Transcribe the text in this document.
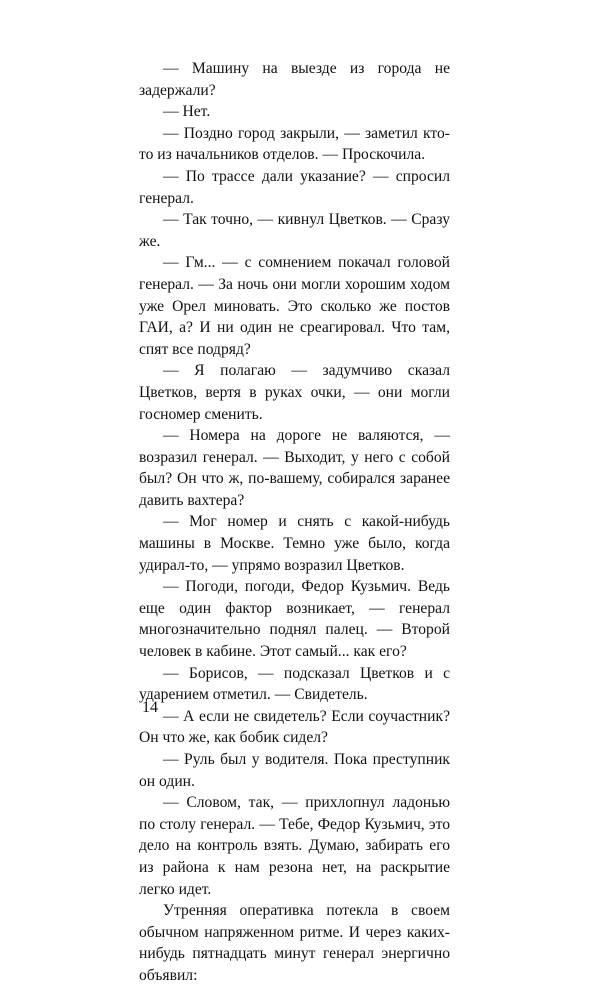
— Машину на выезде из города не задержали?

— Нет.

— Поздно город закрыли, — заметил кто-то из начальников отделов. — Проскочила.

— По трассе дали указание? — спросил генерал.

— Так точно, — кивнул Цветков. — Сразу же.

— Гм... — с сомнением покачал головой генерал. — За ночь они могли хорошим ходом уже Орел миновать. Это сколько же постов ГАИ, а? И ни один не среагировал. Что там, спят все подряд?

— Я полагаю — задумчиво сказал Цветков, вертя в руках очки, — они могли госномер сменить.

— Номера на дороге не валяются, — возразил генерал. — Выходит, у него с собой был? Он что ж, по-вашему, собирался заранее давить вахтера?

— Мог номер и снять с какой-нибудь машины в Москве. Темно уже было, когда удирал-то, — упрямо возразил Цветков.

— Погоди, погоди, Федор Кузьмич. Ведь еще один фактор возникает, — генерал многозначительно поднял палец. — Второй человек в кабине. Этот самый... как его?

— Борисов, — подсказал Цветков и с ударением отметил. — Свидетель.

— А если не свидетель? Если соучастник? Он что же, как бобик сидел?

— Руль был у водителя. Пока преступник он один.

— Словом, так, — прихлопнул ладонью по столу генерал. — Тебе, Федор Кузьмич, это дело на контроль взять. Думаю, забирать его из района к нам резона нет, на раскрытие легко идет.

Утренняя оперативка потекла в своем обычном напряженном ритме. И через каких-нибудь пятнадцать минут генерал энергично объявил:

14
